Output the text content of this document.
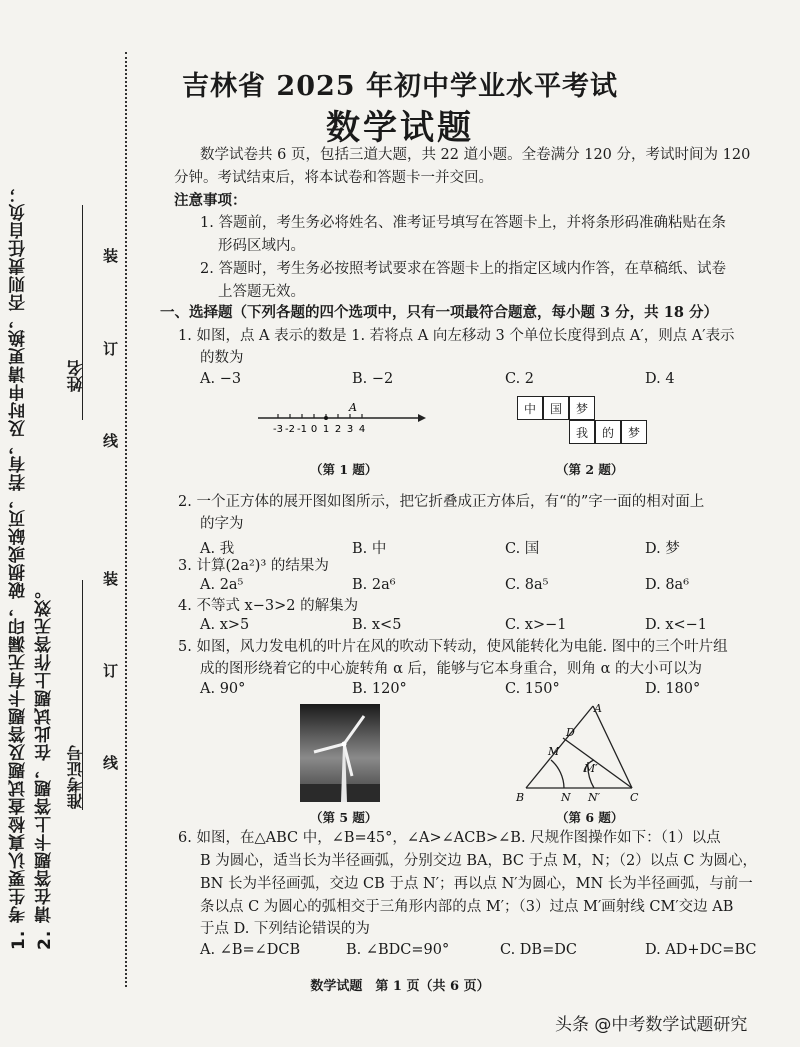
1. 考生要认真检查试题及答题卡有无漏印，破损或缺页，若有，及时申请更换，否则责任自负； 2. 请在答题卡上答题，在此试题上作答无效。
姓名
准考证号
装
订
线
装
订
线
吉林省 2025 年初中学业水平考试
数学试题
数学试卷共 6 页，包括三道大题，共 22 道小题。全卷满分 120 分，考试时间为 120
分钟。考试结束后，将本试卷和答题卡一并交回。
注意事项：
1. 答题前，考生务必将姓名、准考证号填写在答题卡上，并将条形码准确粘贴在条
形码区域内。
2. 答题时，考生务必按照考试要求在答题卡上的指定区域内作答，在草稿纸、试卷
上答题无效。
一、选择题（下列各题的四个选项中，只有一项最符合题意，每小题 3 分，共 18 分）
1. 如图，点 A 表示的数是 1. 若将点 A 向左移动 3 个单位长度得到点 A′，则点 A′表示
的数为
A. −3	B. −2	C. 2	D. 4
-3 -2 -1 0 1 2 3 4
A	中	国	梦
我	的	梦
（第 1 题）	（第 2 题）
2. 一个正方体的展开图如图所示，把它折叠成正方体后，有“的”字一面的相对面上
的字为
A. 我	B. 中	C. 国	D. 梦
3. 计算(2a²)³ 的结果为
A. 2a⁵	B. 2a⁶	C. 8a⁵	D. 8a⁶
4. 不等式 x−3>2 的解集为
A. x>5	B. x<5	C. x>−1	D. x<−1
5. 如图，风力发电机的叶片在风的吹动下转动，使风能转化为电能. 图中的三个叶片组
成的图形绕着它的中心旋转角 α 后，能够与它本身重合，则角 α 的大小可以为
A. 90°	B. 120°	C. 150°	D. 180°
A
B	C
D
M
N N′
M′
（第 5 题）	（第 6 题）
6. 如图，在△ABC 中，∠B=45°，∠A>∠ACB>∠B. 尺规作图操作如下：（1）以点
B 为圆心，适当长为半径画弧，分别交边 BA，BC 于点 M，N；（2）以点 C 为圆心，
BN 长为半径画弧，交边 CB 于点 N′；再以点 N′为圆心，MN 长为半径画弧，与前一
条以点 C 为圆心的弧相交于三角形内部的点 M′；（3）过点 M′画射线 CM′交边 AB
于点 D. 下列结论错误的为
A. ∠B=∠DCB	B. ∠BDC=90°	C. DB=DC	D. AD+DC=BC
数学试题　第 1 页（共 6 页）
头条 @中考数学试题研究
